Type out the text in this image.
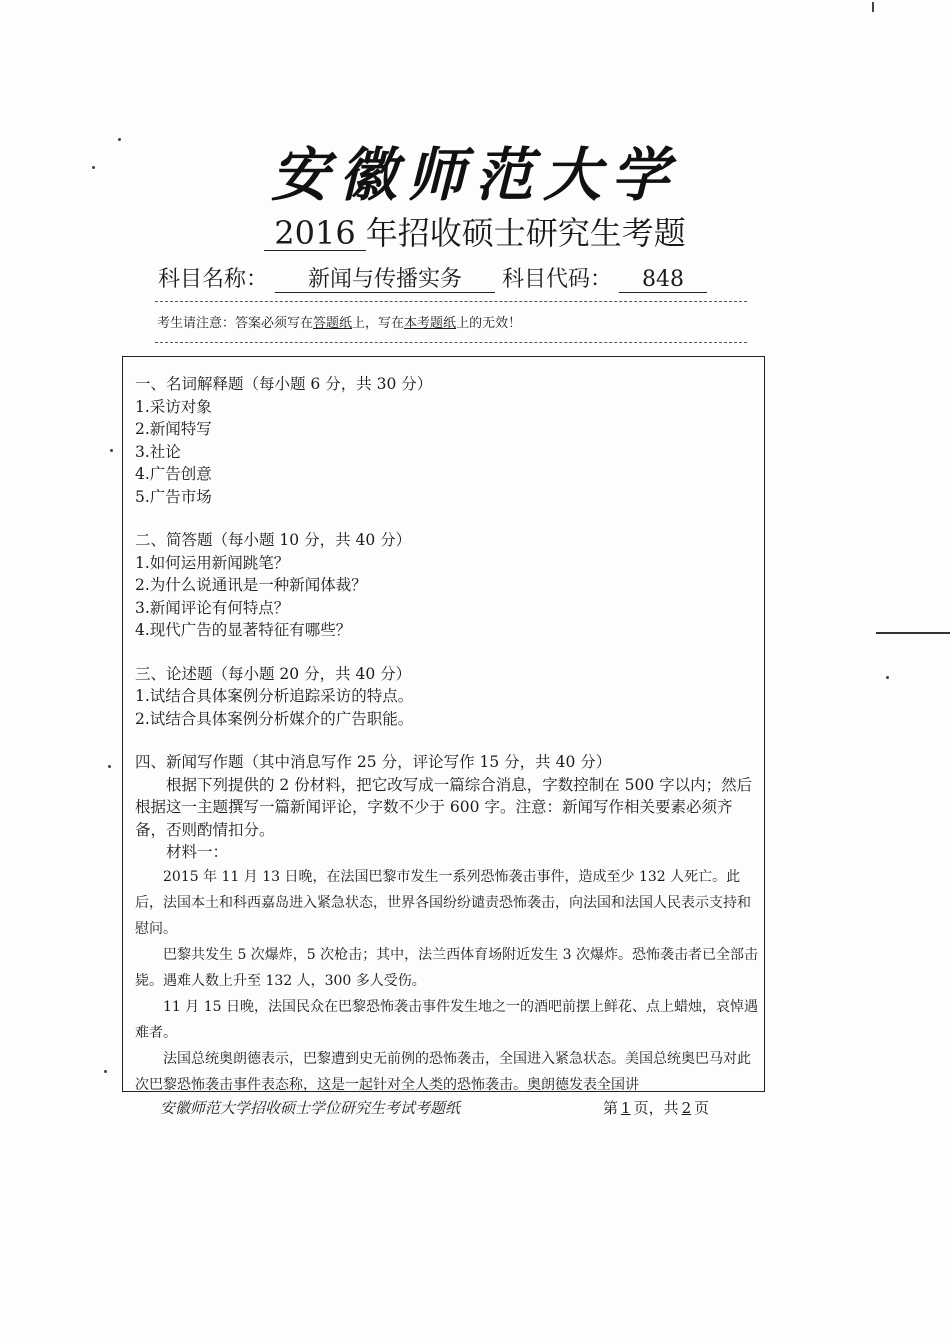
安徽师范大学
2016 年招收硕士研究生考题
科目名称： 新闻与传播实务 科目代码： 848
考生请注意：答案必须写在答题纸上，写在本考题纸上的无效！

一、名词解释题（每小题 6 分，共 30 分）

1.采访对象

2.新闻特写

3.社论

4.广告创意

5.广告市场

二、简答题（每小题 10 分，共 40 分）

1.如何运用新闻跳笔？

2.为什么说通讯是一种新闻体裁？

3.新闻评论有何特点？

4.现代广告的显著特征有哪些？

三、论述题（每小题 20 分，共 40 分）

1.试结合具体案例分析追踪采访的特点。

2.试结合具体案例分析媒介的广告职能。

四、新闻写作题（其中消息写作 25 分，评论写作 15 分，共 40 分）

根据下列提供的 2 份材料，把它改写成一篇综合消息，字数控制在 500 字以内；然后根据这一主题撰写一篇新闻评论，字数不少于 600 字。注意：新闻写作相关要素必须齐备，否则酌情扣分。

材料一：

2015 年 11 月 13 日晚，在法国巴黎市发生一系列恐怖袭击事件，造成至少 132 人死亡。此后，法国本土和科西嘉岛进入紧急状态，世界各国纷纷谴责恐怖袭击，向法国和法国人民表示支持和慰问。

巴黎共发生 5 次爆炸，5 次枪击；其中，法兰西体育场附近发生 3 次爆炸。恐怖袭击者已全部击毙。遇难人数上升至 132 人，300 多人受伤。

11 月 15 日晚，法国民众在巴黎恐怖袭击事件发生地之一的酒吧前摆上鲜花、点上蜡烛，哀悼遇难者。

法国总统奥朗德表示，巴黎遭到史无前例的恐怖袭击，全国进入紧急状态。美国总统奥巴马对此次巴黎恐怖袭击事件表态称，这是一起针对全人类的恐怖袭击。奥朗德发表全国讲

安徽师范大学招收硕士学位研究生考试考题纸	第 1 页，共 2 页
